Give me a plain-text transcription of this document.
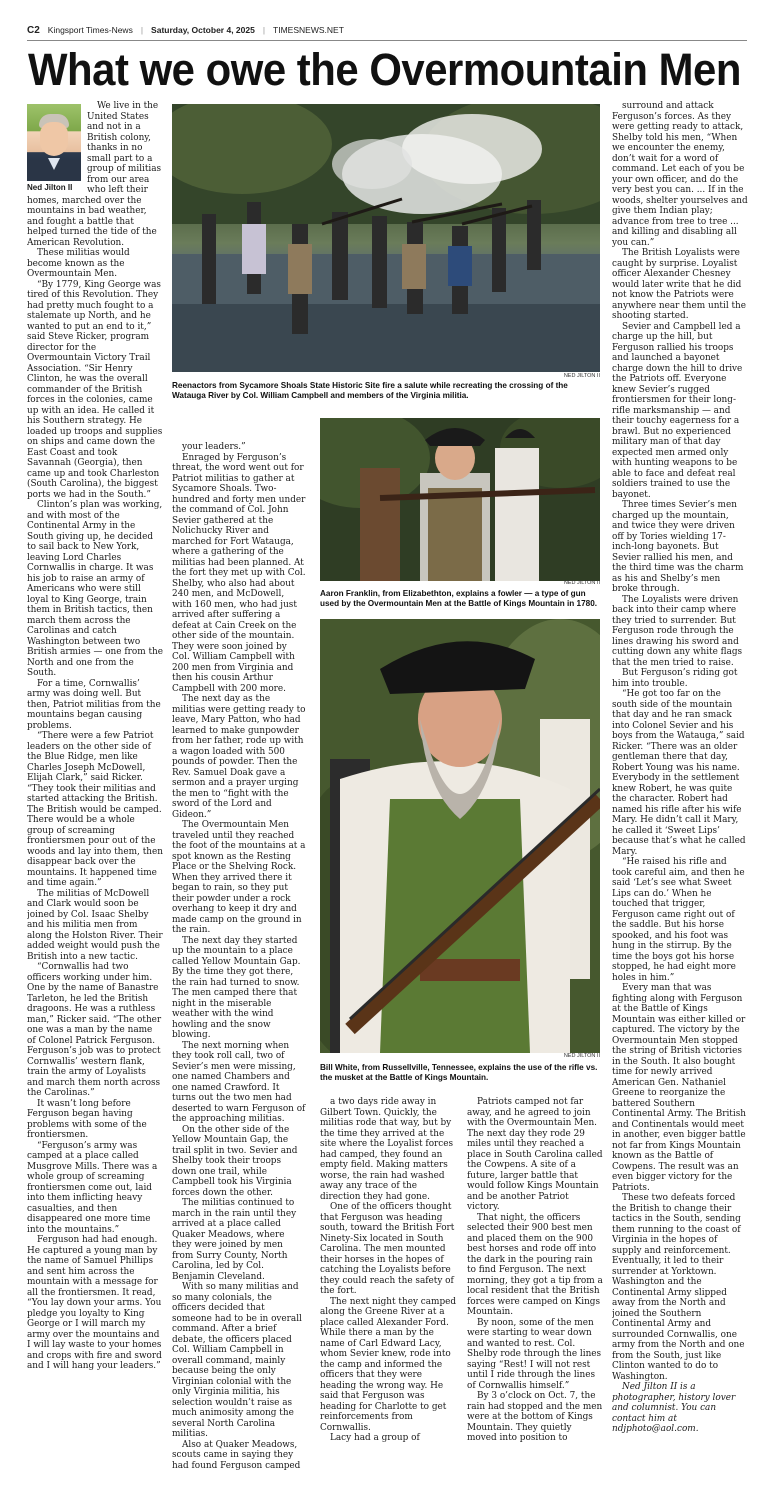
C2 Kingsport Times-News | Saturday, October 4, 2025 | TIMESNEWS.NET
What we owe the Overmountain Men
Ned Jilton II

We live in the United States and not in a British colony, thanks in no small part to a group of militias from our area who left their homes, marched over the mountains in bad weather, and fought a battle that helped turned the tide of the American Revolution.

These militias would become known as the Overmountain Men.

“By 1779, King George was tired of this Revolution. They had pretty much fought to a stalemate up North, and he wanted to put an end to it,” said Steve Ricker, program director for the Overmountain Victory Trail Association. “Sir Henry Clinton, he was the overall commander of the British forces in the colonies, came up with an idea. He called it his Southern strategy. He loaded up troops and supplies on ships and came down the East Coast and took Savannah (Georgia), then came up and took Charleston (South Carolina), the biggest ports we had in the South.”

Clinton’s plan was working, and with most of the Continental Army in the South giving up, he decided to sail back to New York, leaving Lord Charles Cornwallis in charge. It was his job to raise an army of Americans who were still loyal to King George, train them in British tactics, then march them across the Carolinas and catch Washington between two British armies — one from the North and one from the South.

For a time, Cornwallis’ army was doing well. But then, Patriot militias from the mountains began causing problems.

“There were a few Patriot leaders on the other side of the Blue Ridge, men like Charles Joseph McDowell, Elijah Clark,” said Ricker. “They took their militias and started attacking the British. The British would be camped. There would be a whole group of screaming frontiersmen pour out of the woods and lay into them, then disappear back over the mountains. It happened time and time again.”

The militias of McDowell and Clark would soon be joined by Col. Isaac Shelby and his militia men from along the Holston River. Their added weight would push the British into a new tactic.

“Cornwallis had two officers working under him. One by the name of Banastre Tarleton, he led the British dragoons. He was a ruthless man,” Ricker said. “The other one was a man by the name of Colonel Patrick Ferguson. Ferguson’s job was to protect Cornwallis’ western flank, train the army of Loyalists and march them north across the Carolinas.”

It wasn’t long before Ferguson began having problems with some of the frontiersmen.

“Ferguson’s army was camped at a place called Musgrove Mills. There was a whole group of screaming frontiersmen come out, laid into them inflicting heavy casualties, and then disappeared one more time into the mountains.”

Ferguson had had enough. He captured a young man by the name of Samuel Phillips and sent him across the mountain with a message for all the frontiersmen. It read, “You lay down your arms. You pledge you loyalty to King George or I will march my army over the mountains and I will lay waste to your homes and crops with fire and sword and I will hang your leaders.”

NED JILTON II
Reenactors from Sycamore Shoals State Historic Site fire a salute while recreating the crossing of the Watauga River by Col. William Campbell and members of the Virginia militia.

your leaders.”

Enraged by Ferguson’s threat, the word went out for Patriot militias to gather at Sycamore Shoals. Two-hundred and forty men under the command of Col. John Sevier gathered at the Nolichucky River and marched for Fort Watauga, where a gathering of the militias had been planned. At the fort they met up with Col. Shelby, who also had about 240 men, and McDowell, with 160 men, who had just arrived after suffering a defeat at Cain Creek on the other side of the mountain. They were soon joined by Col. William Campbell with 200 men from Virginia and then his cousin Arthur Campbell with 200 more.

The next day as the militias were getting ready to leave, Mary Patton, who had learned to make gunpowder from her father, rode up with a wagon loaded with 500 pounds of powder. Then the Rev. Samuel Doak gave a sermon and a prayer urging the men to “fight with the sword of the Lord and Gideon.”

The Overmountain Men traveled until they reached the foot of the mountains at a spot known as the Resting Place or the Shelving Rock. When they arrived there it began to rain, so they put their powder under a rock overhang to keep it dry and made camp on the ground in the rain.

The next day they started up the mountain to a place called Yellow Mountain Gap. By the time they got there, the rain had turned to snow. The men camped there that night in the miserable weather with the wind howling and the snow blowing.

The next morning when they took roll call, two of Sevier’s men were missing, one named Chambers and one named Crawford. It turns out the two men had deserted to warn Ferguson of the approaching militias.

On the other side of the Yellow Mountain Gap, the trail split in two. Sevier and Shelby took their troops down one trail, while Campbell took his Virginia forces down the other.

The militias continued to march in the rain until they arrived at a place called Quaker Meadows, where they were joined by men from Surry County, North Carolina, led by Col. Benjamin Cleveland.

With so many militias and so many colonials, the officers decided that someone had to be in overall command. After a brief debate, the officers placed Col. William Campbell in overall command, mainly because being the only Virginian colonial with the only Virginia militia, his selection wouldn’t raise as much animosity among the several North Carolina militias.

Also at Quaker Meadows, scouts came in saying they had found Ferguson camped

NED JILTON II
Aaron Franklin, from Elizabethton, explains a fowler — a type of gun used by the Overmountain Men at the Battle of Kings Mountain in 1780.
NED JILTON II
Bill White, from Russellville, Tennessee, explains the use of the rifle vs. the musket at the Battle of Kings Mountain.

a two days ride away in Gilbert Town. Quickly, the militias rode that way, but by the time they arrived at the site where the Loyalist forces had camped, they found an empty field. Making matters worse, the rain had washed away any trace of the direction they had gone.

One of the officers thought that Ferguson was heading south, toward the British Fort Ninety-Six located in South Carolina. The men mounted their horses in the hopes of catching the Loyalists before they could reach the safety of the fort.

The next night they camped along the Greene River at a place called Alexander Ford. While there a man by the name of Carl Edward Lacy, whom Sevier knew, rode into the camp and informed the officers that they were heading the wrong way. He said that Ferguson was heading for Charlotte to get reinforcements from Cornwallis.

Lacy had a group of

Patriots camped not far away, and he agreed to join with the Overmountain Men. The next day they rode 29 miles until they reached a place in South Carolina called the Cowpens. A site of a future, larger battle that would follow Kings Mountain and be another Patriot victory.

That night, the officers selected their 900 best men and placed them on the 900 best horses and rode off into the dark in the pouring rain to find Ferguson. The next morning, they got a tip from a local resident that the British forces were camped on Kings Mountain.

By noon, some of the men were starting to wear down and wanted to rest. Col. Shelby rode through the lines saying “Rest! I will not rest until I ride through the lines of Cornwallis himself.”

By 3 o’clock on Oct. 7, the rain had stopped and the men were at the bottom of Kings Mountain. They quietly moved into position to

surround and attack Ferguson’s forces. As they were getting ready to attack, Shelby told his men, “When we encounter the enemy, don’t wait for a word of command. Let each of you be your own officer, and do the very best you can. ... If in the woods, shelter yourselves and give them Indian play; advance from tree to tree ... and killing and disabling all you can.”

The British Loyalists were caught by surprise. Loyalist officer Alexander Chesney would later write that he did not know the Patriots were anywhere near them until the shooting started.

Sevier and Campbell led a charge up the hill, but Ferguson rallied his troops and launched a bayonet charge down the hill to drive the Patriots off. Everyone knew Sevier’s rugged frontiersmen for their long-rifle marksmanship — and their touchy eagerness for a brawl. But no experienced military man of that day expected men armed only with hunting weapons to be able to face and defeat real soldiers trained to use the bayonet.

Three times Sevier’s men charged up the mountain, and twice they were driven off by Tories wielding 17-inch-long bayonets. But Sevier rallied his men, and the third time was the charm as his and Shelby’s men broke through.

The Loyalists were driven back into their camp where they tried to surrender. But Ferguson rode through the lines drawing his sword and cutting down any white flags that the men tried to raise.

But Ferguson’s riding got him into trouble.

“He got too far on the south side of the mountain that day and he ran smack into Colonel Sevier and his boys from the Watauga,” said Ricker. “There was an older gentleman there that day, Robert Young was his name. Everybody in the settlement knew Robert, he was quite the character. Robert had named his rifle after his wife Mary. He didn’t call it Mary, he called it ‘Sweet Lips’ because that’s what he called Mary.

“He raised his rifle and took careful aim, and then he said ‘Let’s see what Sweet Lips can do.’ When he touched that trigger, Ferguson came right out of the saddle. But his horse spooked, and his foot was hung in the stirrup. By the time the boys got his horse stopped, he had eight more holes in him.”

Every man that was fighting along with Ferguson at the Battle of Kings Mountain was either killed or captured. The victory by the Overmountain Men stopped the string of British victories in the South. It also bought time for newly arrived American Gen. Nathaniel Greene to reorganize the battered Southern Continental Army. The British and Continentals would meet in another, even bigger battle not far from Kings Mountain known as the Battle of Cowpens. The result was an even bigger victory for the Patriots.

These two defeats forced the British to change their tactics in the South, sending them running to the coast of Virginia in the hopes of supply and reinforcement. Eventually, it led to their surrender at Yorktown. Washington and the Continental Army slipped away from the North and joined the Southern Continental Army and surrounded Cornwallis, one army from the North and one from the South, just like Clinton wanted to do to Washington.

Ned Jilton II is a photographer, history lover and columnist. You can contact him at ndjphoto@aol.com.
